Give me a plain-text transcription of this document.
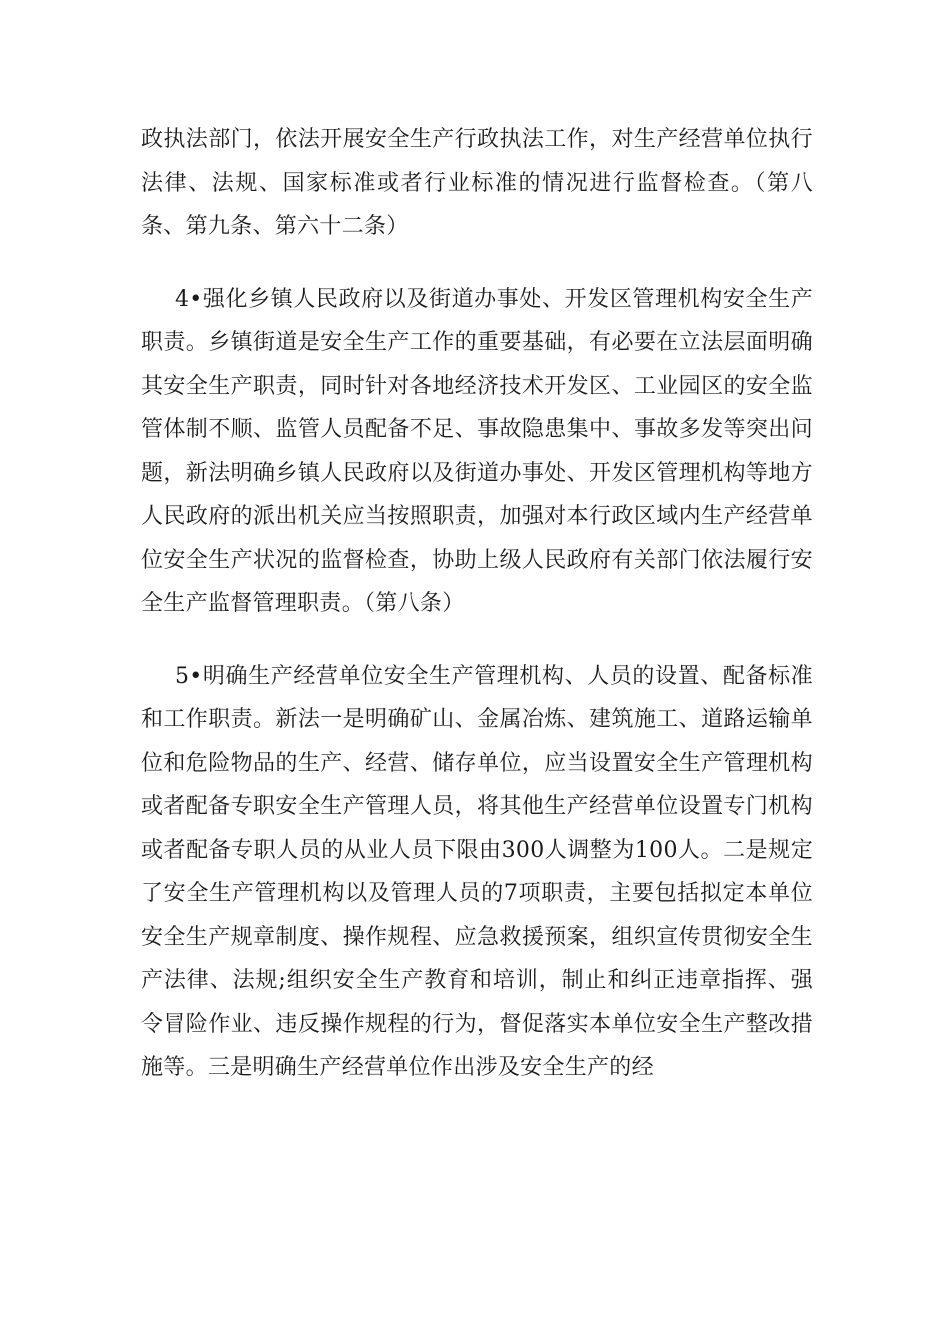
政执法部门，依法开展安全生产行政执法工作，对生产经营单位执行法律、法规、国家标准或者行业标准的情况进行监督检查。（第八条、第九条、第六十二条）

4•强化乡镇人民政府以及街道办事处、开发区管理机构安全生产职责。乡镇街道是安全生产工作的重要基础，有必要在立法层面明确其安全生产职责，同时针对各地经济技术开发区、工业园区的安全监管体制不顺、监管人员配备不足、事故隐患集中、事故多发等突出问题，新法明确乡镇人民政府以及街道办事处、开发区管理机构等地方人民政府的派出机关应当按照职责，加强对本行政区域内生产经营单位安全生产状况的监督检查，协助上级人民政府有关部门依法履行安全生产监督管理职责。（第八条）

5•明确生产经营单位安全生产管理机构、人员的设置、配备标准和工作职责。新法一是明确矿山、金属冶炼、建筑施工、道路运输单位和危险物品的生产、经营、储存单位，应当设置安全生产管理机构或者配备专职安全生产管理人员，将其他生产经营单位设置专门机构或者配备专职人员的从业人员下限由300人调整为100人。二是规定了安全生产管理机构以及管理人员的7项职责，主要包括拟定本单位安全生产规章制度、操作规程、应急救援预案，组织宣传贯彻安全生产法律、法规;组织安全生产教育和培训，制止和纠正违章指挥、强令冒险作业、违反操作规程的行为，督促落实本单位安全生产整改措施等。三是明确生产经营单位作出涉及安全生产的经
